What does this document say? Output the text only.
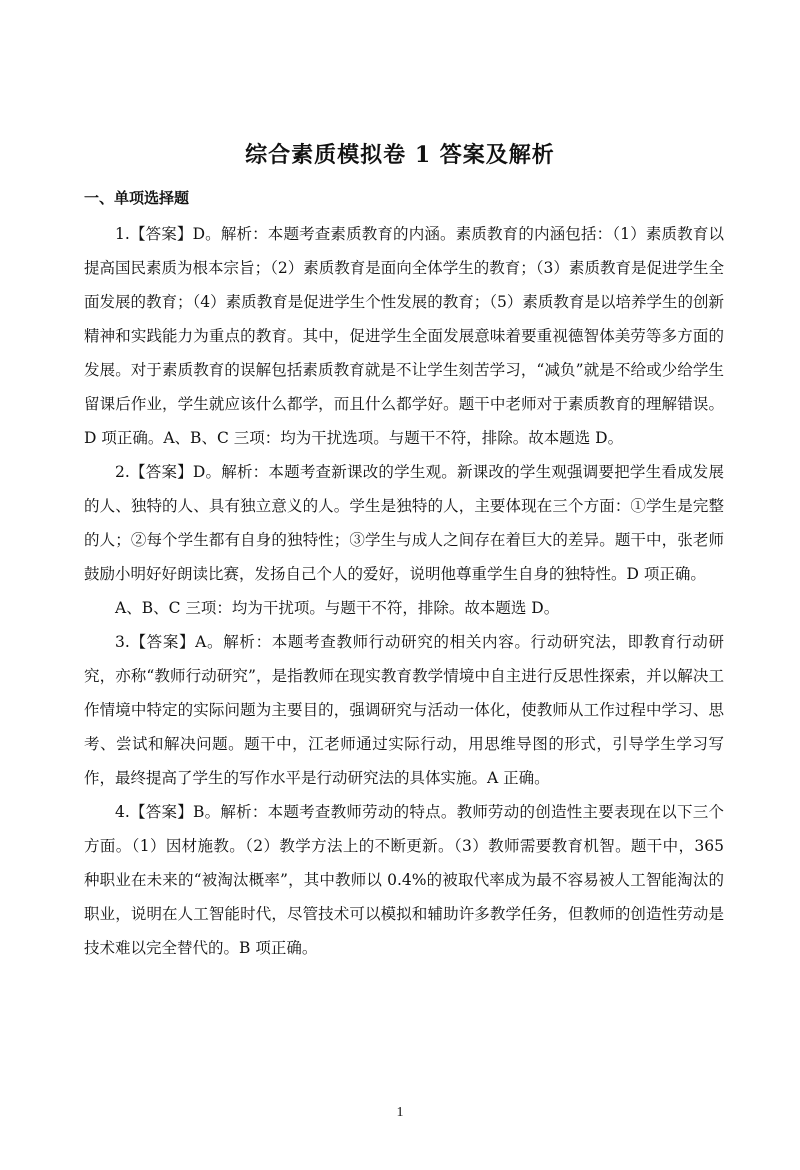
综合素质模拟卷 1 答案及解析
一、单项选择题

1.【答案】D。解析：本题考查素质教育的内涵。素质教育的内涵包括：（1）素质教育以提高国民素质为根本宗旨；（2）素质教育是面向全体学生的教育；（3）素质教育是促进学生全面发展的教育；（4）素质教育是促进学生个性发展的教育；（5）素质教育是以培养学生的创新精神和实践能力为重点的教育。其中，促进学生全面发展意味着要重视德智体美劳等多方面的发展。对于素质教育的误解包括素质教育就是不让学生刻苦学习，“减负”就是不给或少给学生留课后作业，学生就应该什么都学，而且什么都学好。题干中老师对于素质教育的理解错误。D 项正确。A、B、C 三项：均为干扰选项。与题干不符，排除。故本题选 D。

2.【答案】D。解析：本题考查新课改的学生观。新课改的学生观强调要把学生看成发展的人、独特的人、具有独立意义的人。学生是独特的人，主要体现在三个方面：①学生是完整的人；②每个学生都有自身的独特性；③学生与成人之间存在着巨大的差异。题干中，张老师鼓励小明好好朗读比赛，发扬自己个人的爱好，说明他尊重学生自身的独特性。D 项正确。

A、B、C 三项：均为干扰项。与题干不符，排除。故本题选 D。

3.【答案】A。解析：本题考查教师行动研究的相关内容。行动研究法，即教育行动研究，亦称“教师行动研究”，是指教师在现实教育教学情境中自主进行反思性探索，并以解决工作情境中特定的实际问题为主要目的，强调研究与活动一体化，使教师从工作过程中学习、思考、尝试和解决问题。题干中，江老师通过实际行动，用思维导图的形式，引导学生学习写作，最终提高了学生的写作水平是行动研究法的具体实施。A 正确。

4.【答案】B。解析：本题考查教师劳动的特点。教师劳动的创造性主要表现在以下三个方面。（1）因材施教。（2）教学方法上的不断更新。（3）教师需要教育机智。题干中，365 种职业在未来的“被淘汰概率”，其中教师以 0.4%的被取代率成为最不容易被人工智能淘汰的职业，说明在人工智能时代，尽管技术可以模拟和辅助许多教学任务，但教师的创造性劳动是技术难以完全替代的。B 项正确。

1
